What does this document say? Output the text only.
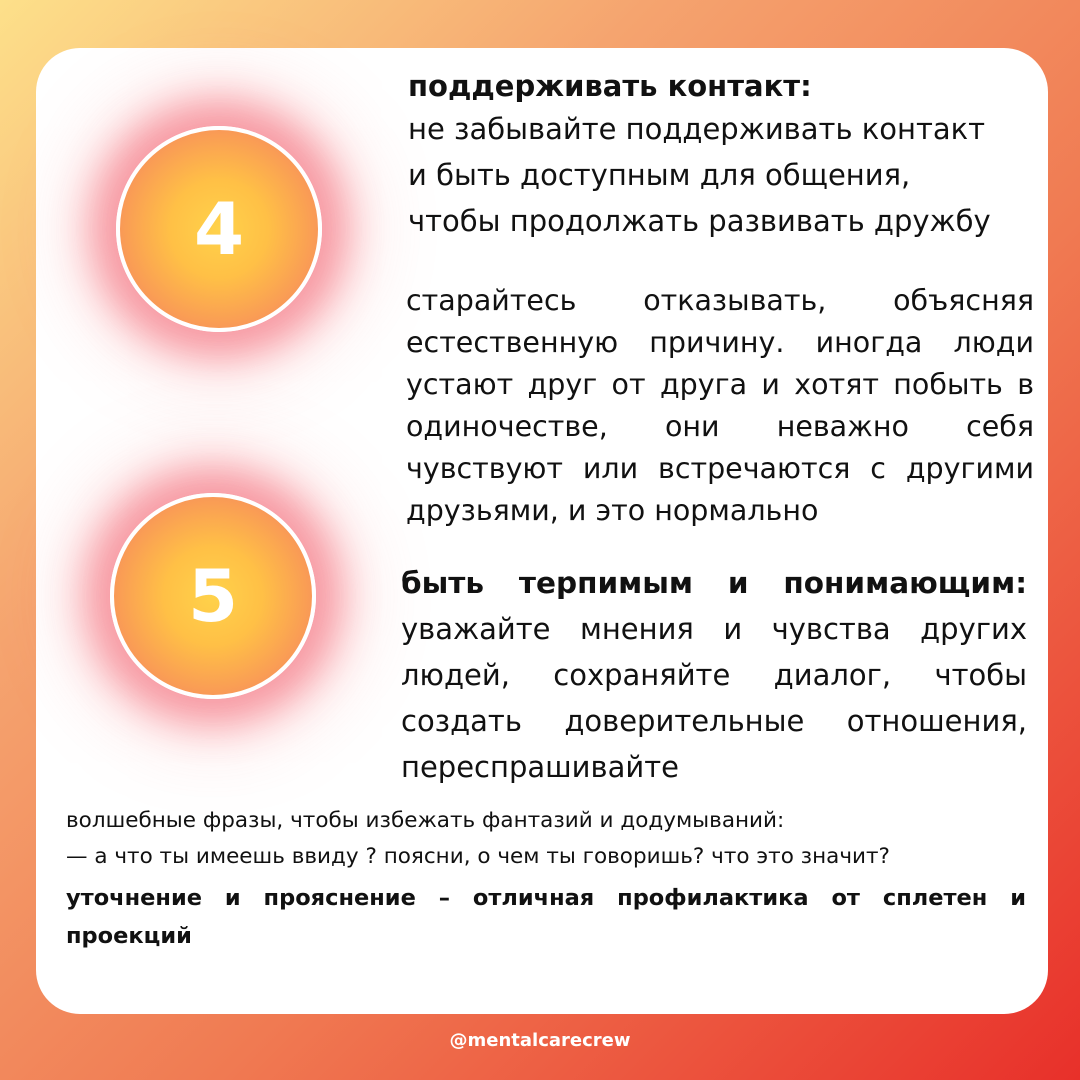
4
поддерживать контакт:
не забывайте поддерживать контакт
и быть доступным для общения,
чтобы продолжать развивать дружбу
старайтесь отказывать, объясняя естественную причину. иногда люди устают друг от друга и хотят побыть в одиночестве, они неважно себя чувствуют или встречаются с другими друзьями, и это нормально
5	быть терпимым и понимающим:
уважайте мнения и чувства других людей, сохраняйте диалог, чтобы создать доверительные отношения, переспрашивайте
волшебные фразы, чтобы избежать фантазий и додумываний:
— а что ты имеешь ввиду ? поясни, о чем ты говоришь? что это значит?
уточнение и прояснение – отличная профилактика от сплетен и проекций
@mentalcarecrew
